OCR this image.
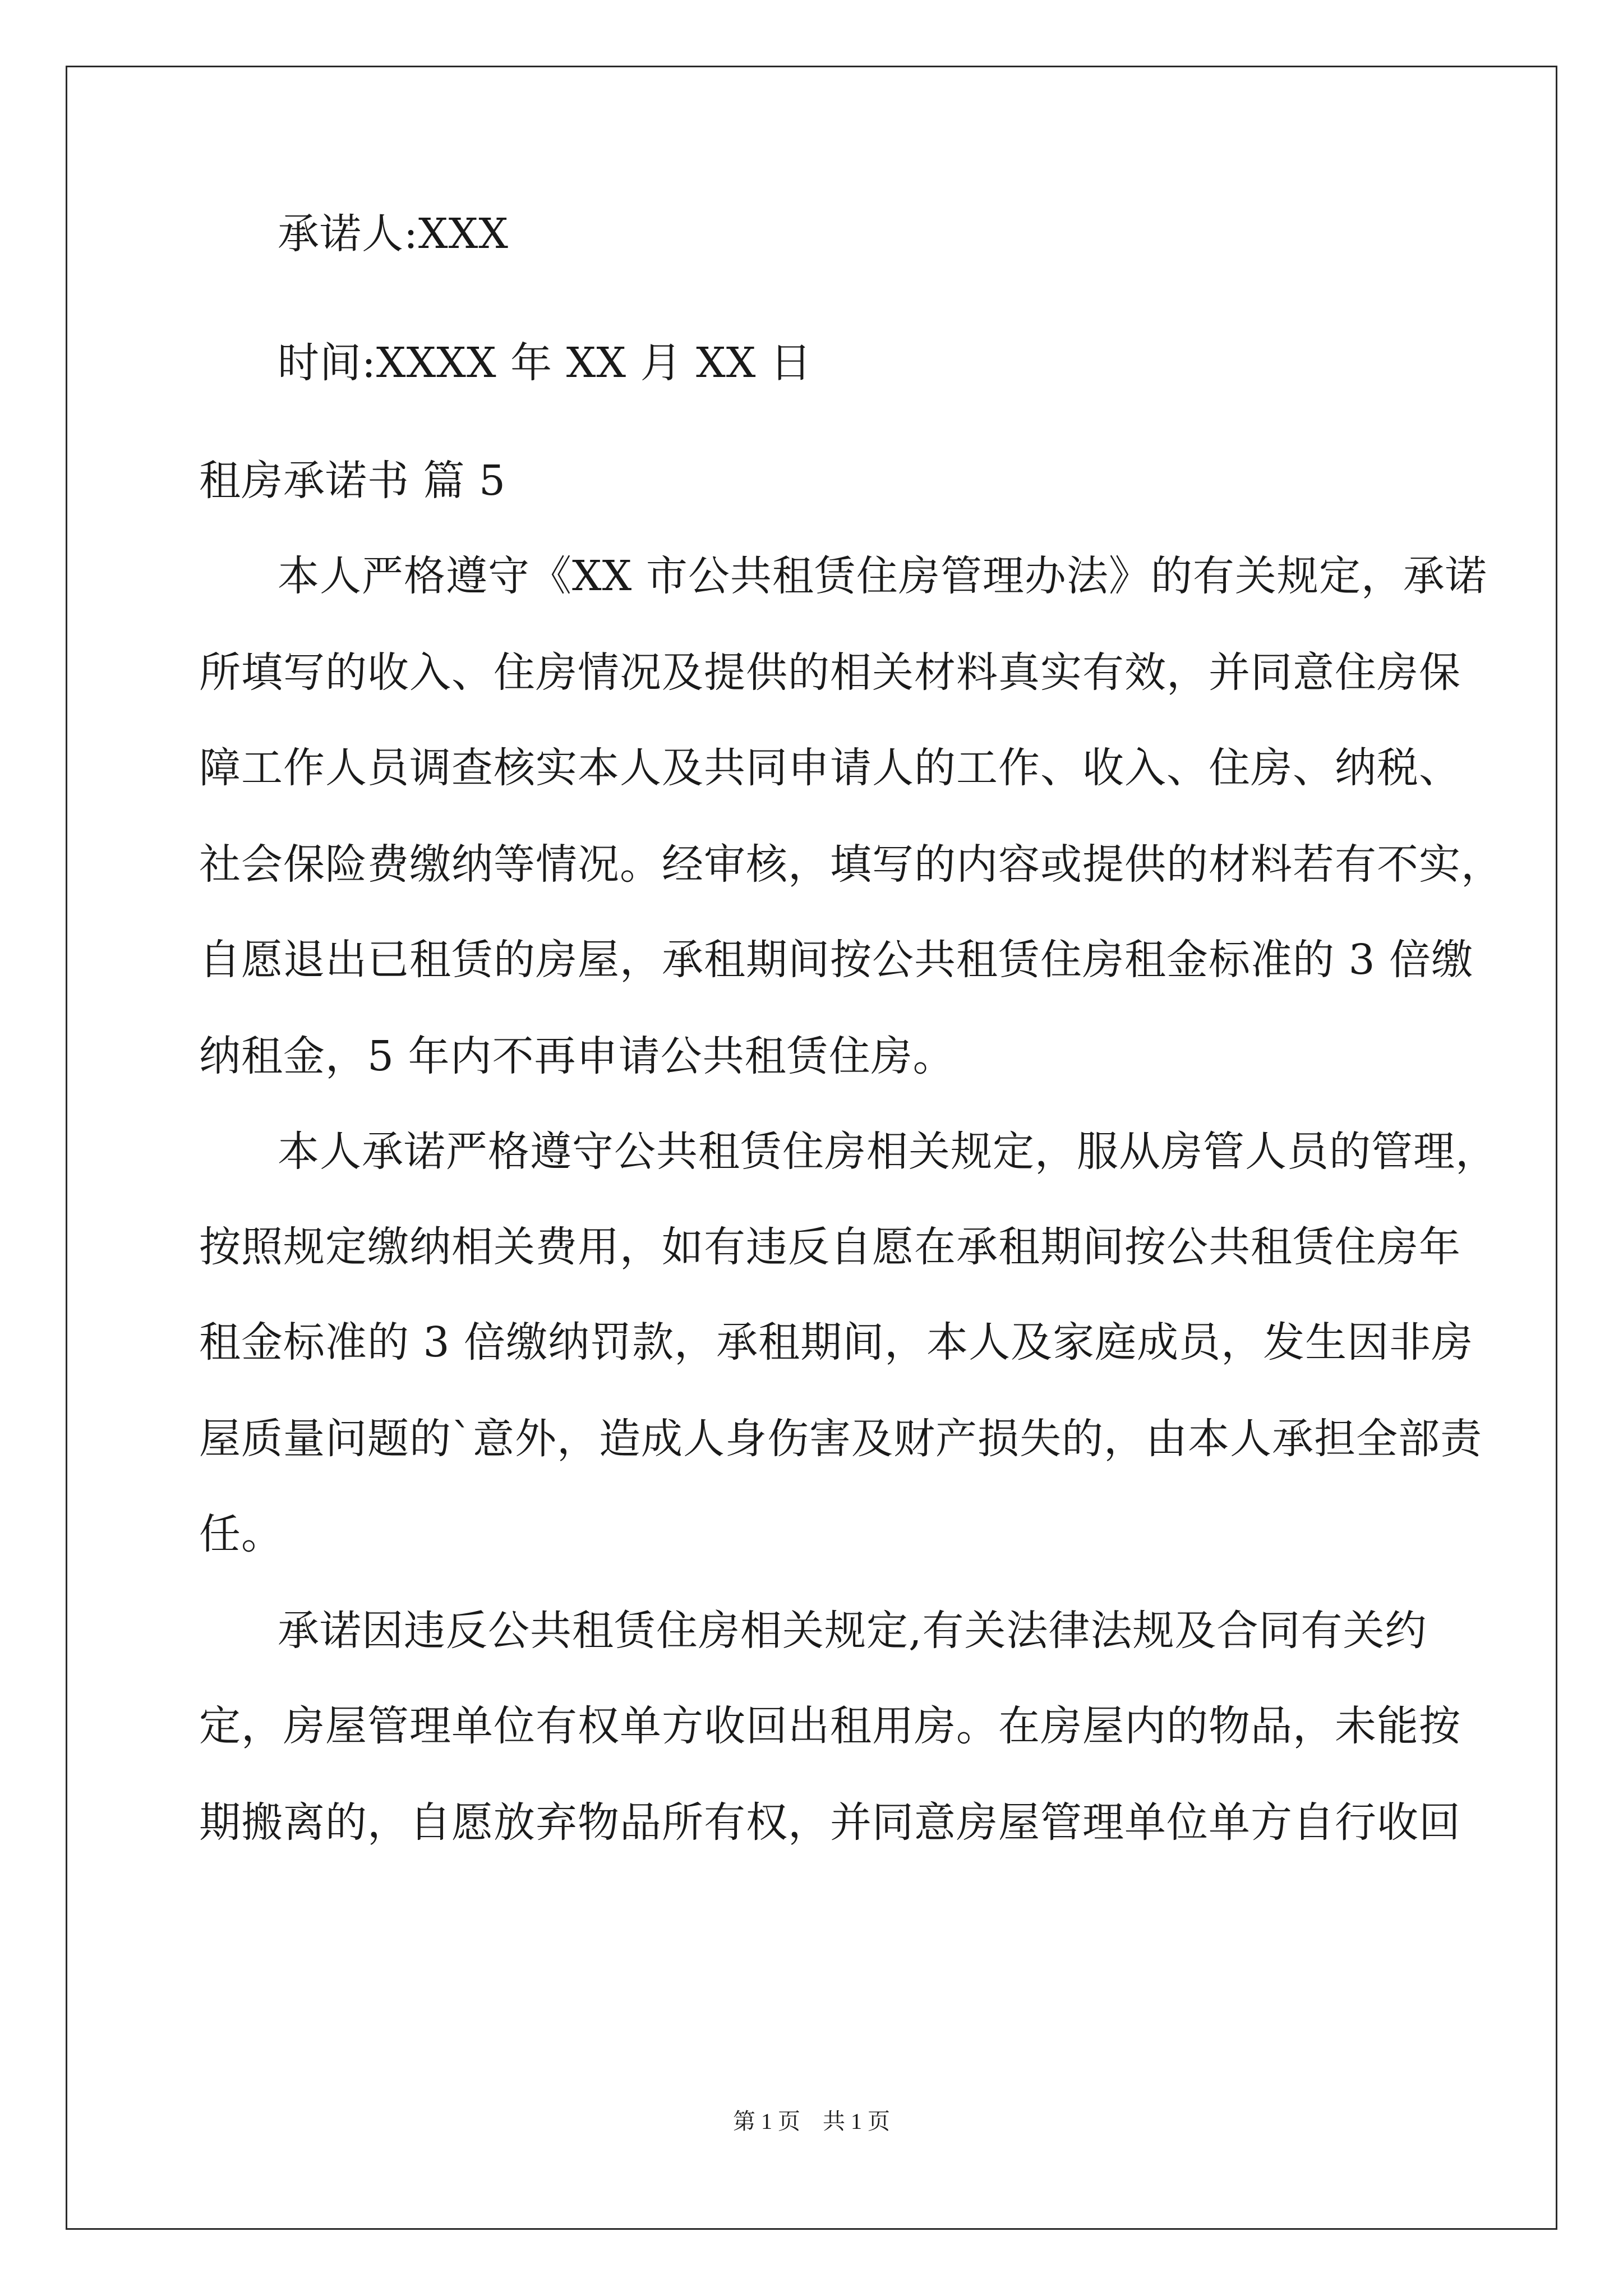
承诺人:XXX
时间:XXXX 年 XX 月 XX 日
租房承诺书 篇 5
本人严格遵守《XX 市公共租赁住房管理办法》的有关规定，承诺
所填写的收入、住房情况及提供的相关材料真实有效，并同意住房保
障工作人员调查核实本人及共同申请人的工作、收入、住房、纳税、
社会保险费缴纳等情况。经审核，填写的内容或提供的材料若有不实，
自愿退出已租赁的房屋，承租期间按公共租赁住房租金标准的 3 倍缴
纳租金，5 年内不再申请公共租赁住房。
本人承诺严格遵守公共租赁住房相关规定，服从房管人员的管理，
按照规定缴纳相关费用，如有违反自愿在承租期间按公共租赁住房年
租金标准的 3 倍缴纳罚款，承租期间，本人及家庭成员，发生因非房
屋质量问题的`意外，造成人身伤害及财产损失的，由本人承担全部责
任。
承诺因违反公共租赁住房相关规定,有关法律法规及合同有关约
定，房屋管理单位有权单方收回出租用房。在房屋内的物品，未能按
期搬离的，自愿放弃物品所有权，并同意房屋管理单位单方自行收回
第 1 页　共 1 页
